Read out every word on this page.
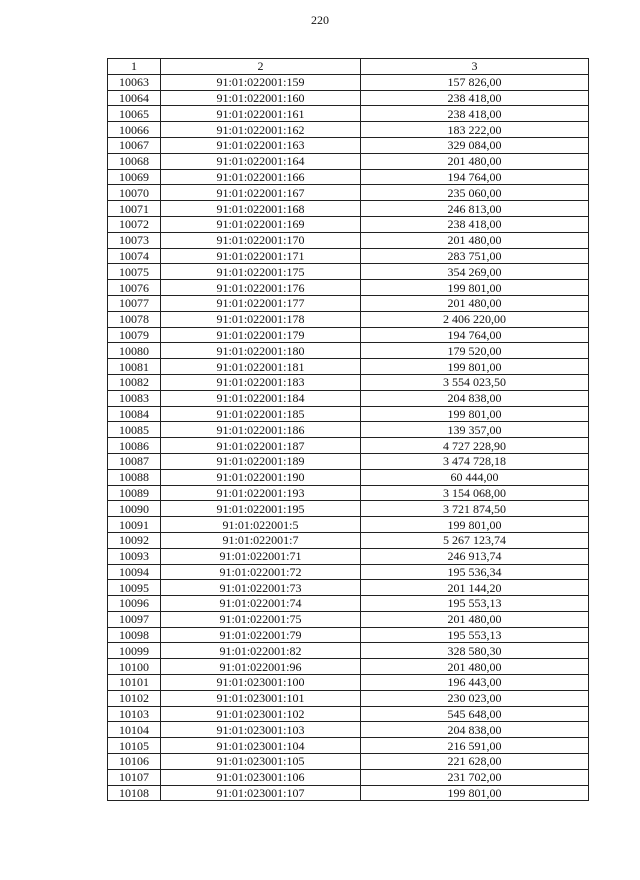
220
1	2	3
10063	91:01:022001:159	157 826,00
10064	91:01:022001:160	238 418,00
10065	91:01:022001:161	238 418,00
10066	91:01:022001:162	183 222,00
10067	91:01:022001:163	329 084,00
10068	91:01:022001:164	201 480,00
10069	91:01:022001:166	194 764,00
10070	91:01:022001:167	235 060,00
10071	91:01:022001:168	246 813,00
10072	91:01:022001:169	238 418,00
10073	91:01:022001:170	201 480,00
10074	91:01:022001:171	283 751,00
10075	91:01:022001:175	354 269,00
10076	91:01:022001:176	199 801,00
10077	91:01:022001:177	201 480,00
10078	91:01:022001:178	2 406 220,00
10079	91:01:022001:179	194 764,00
10080	91:01:022001:180	179 520,00
10081	91:01:022001:181	199 801,00
10082	91:01:022001:183	3 554 023,50
10083	91:01:022001:184	204 838,00
10084	91:01:022001:185	199 801,00
10085	91:01:022001:186	139 357,00
10086	91:01:022001:187	4 727 228,90
10087	91:01:022001:189	3 474 728,18
10088	91:01:022001:190	60 444,00
10089	91:01:022001:193	3 154 068,00
10090	91:01:022001:195	3 721 874,50
10091	91:01:022001:5	199 801,00
10092	91:01:022001:7	5 267 123,74
10093	91:01:022001:71	246 913,74
10094	91:01:022001:72	195 536,34
10095	91:01:022001:73	201 144,20
10096	91:01:022001:74	195 553,13
10097	91:01:022001:75	201 480,00
10098	91:01:022001:79	195 553,13
10099	91:01:022001:82	328 580,30
10100	91:01:022001:96	201 480,00
10101	91:01:023001:100	196 443,00
10102	91:01:023001:101	230 023,00
10103	91:01:023001:102	545 648,00
10104	91:01:023001:103	204 838,00
10105	91:01:023001:104	216 591,00
10106	91:01:023001:105	221 628,00
10107	91:01:023001:106	231 702,00
10108	91:01:023001:107	199 801,00
